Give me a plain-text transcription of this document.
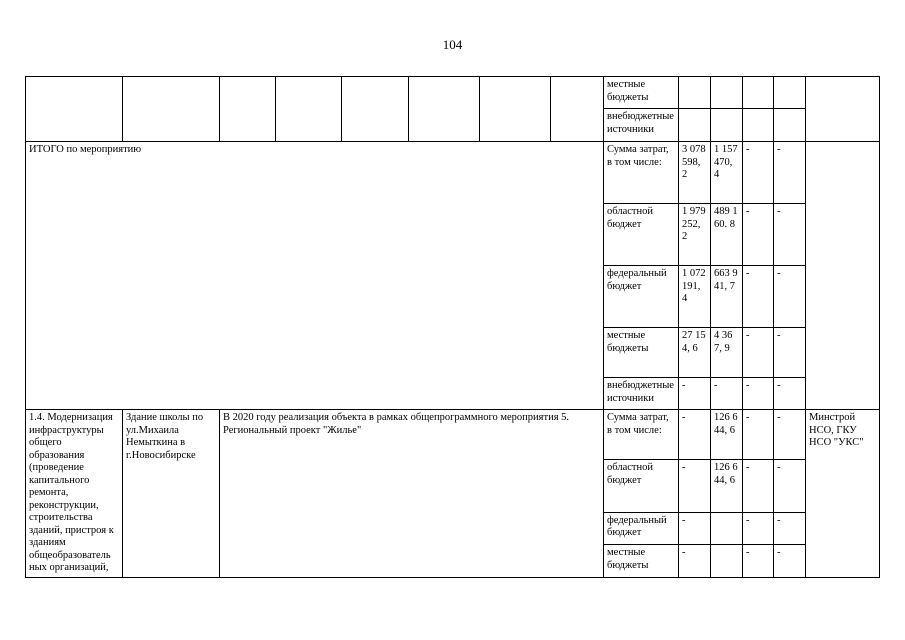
104
								местные бюджеты					
								внебюджетные источники					
ИТОГО по мероприятию								Сумма затрат, в том числе:	3 078 598, 2	1 157 470, 4	-	-	
								областной бюджет	1 979 252, 2	489 160. 8	-	-	
								федеральный бюджет	1 072 191, 4	663 941, 7	-	-	
								местные бюджеты	27 154, 6	4 367, 9	-	-	
								внебюджетные источники	-	-	-	-	
1.4. Модернизация инфраструктуры общего образования (проведение капитального ремонта, реконструкции, строительства зданий, пристроя к зданиям общеобразователь ных организаций,	Здание школы по ул.Михаила Немыткина в г.Новосибирске	В 2020 году реализация объекта в рамках общепрограммного мероприятия 5. Региональный проект "Жилье"						Сумма затрат, в том числе:	-	126 644, 6	-	-	Минстрой НСО, ГКУ НСО "УКС"
								областной бюджет	-	126 644, 6	-	-	
								федеральный бюджет	-		-	-	
								местные бюджеты	-		-	-	
